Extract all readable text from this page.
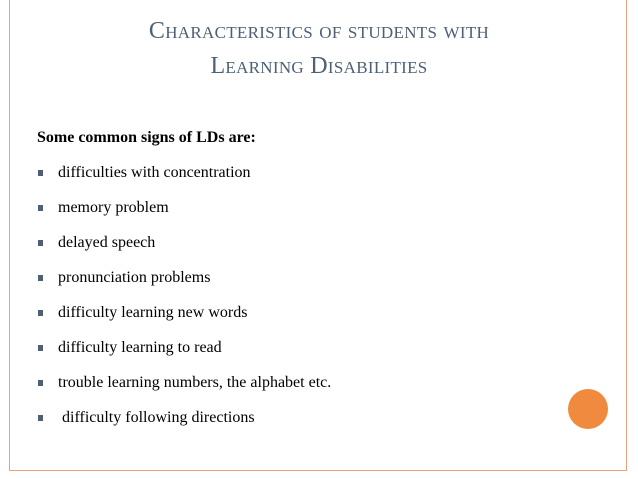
Characteristics of students with
Learning Disabilities
Some common signs of LDs are:
difficulties with concentration
memory problem
delayed speech
pronunciation problems
difficulty learning new words
difficulty learning to read
trouble learning numbers, the alphabet etc.
difficulty following directions
